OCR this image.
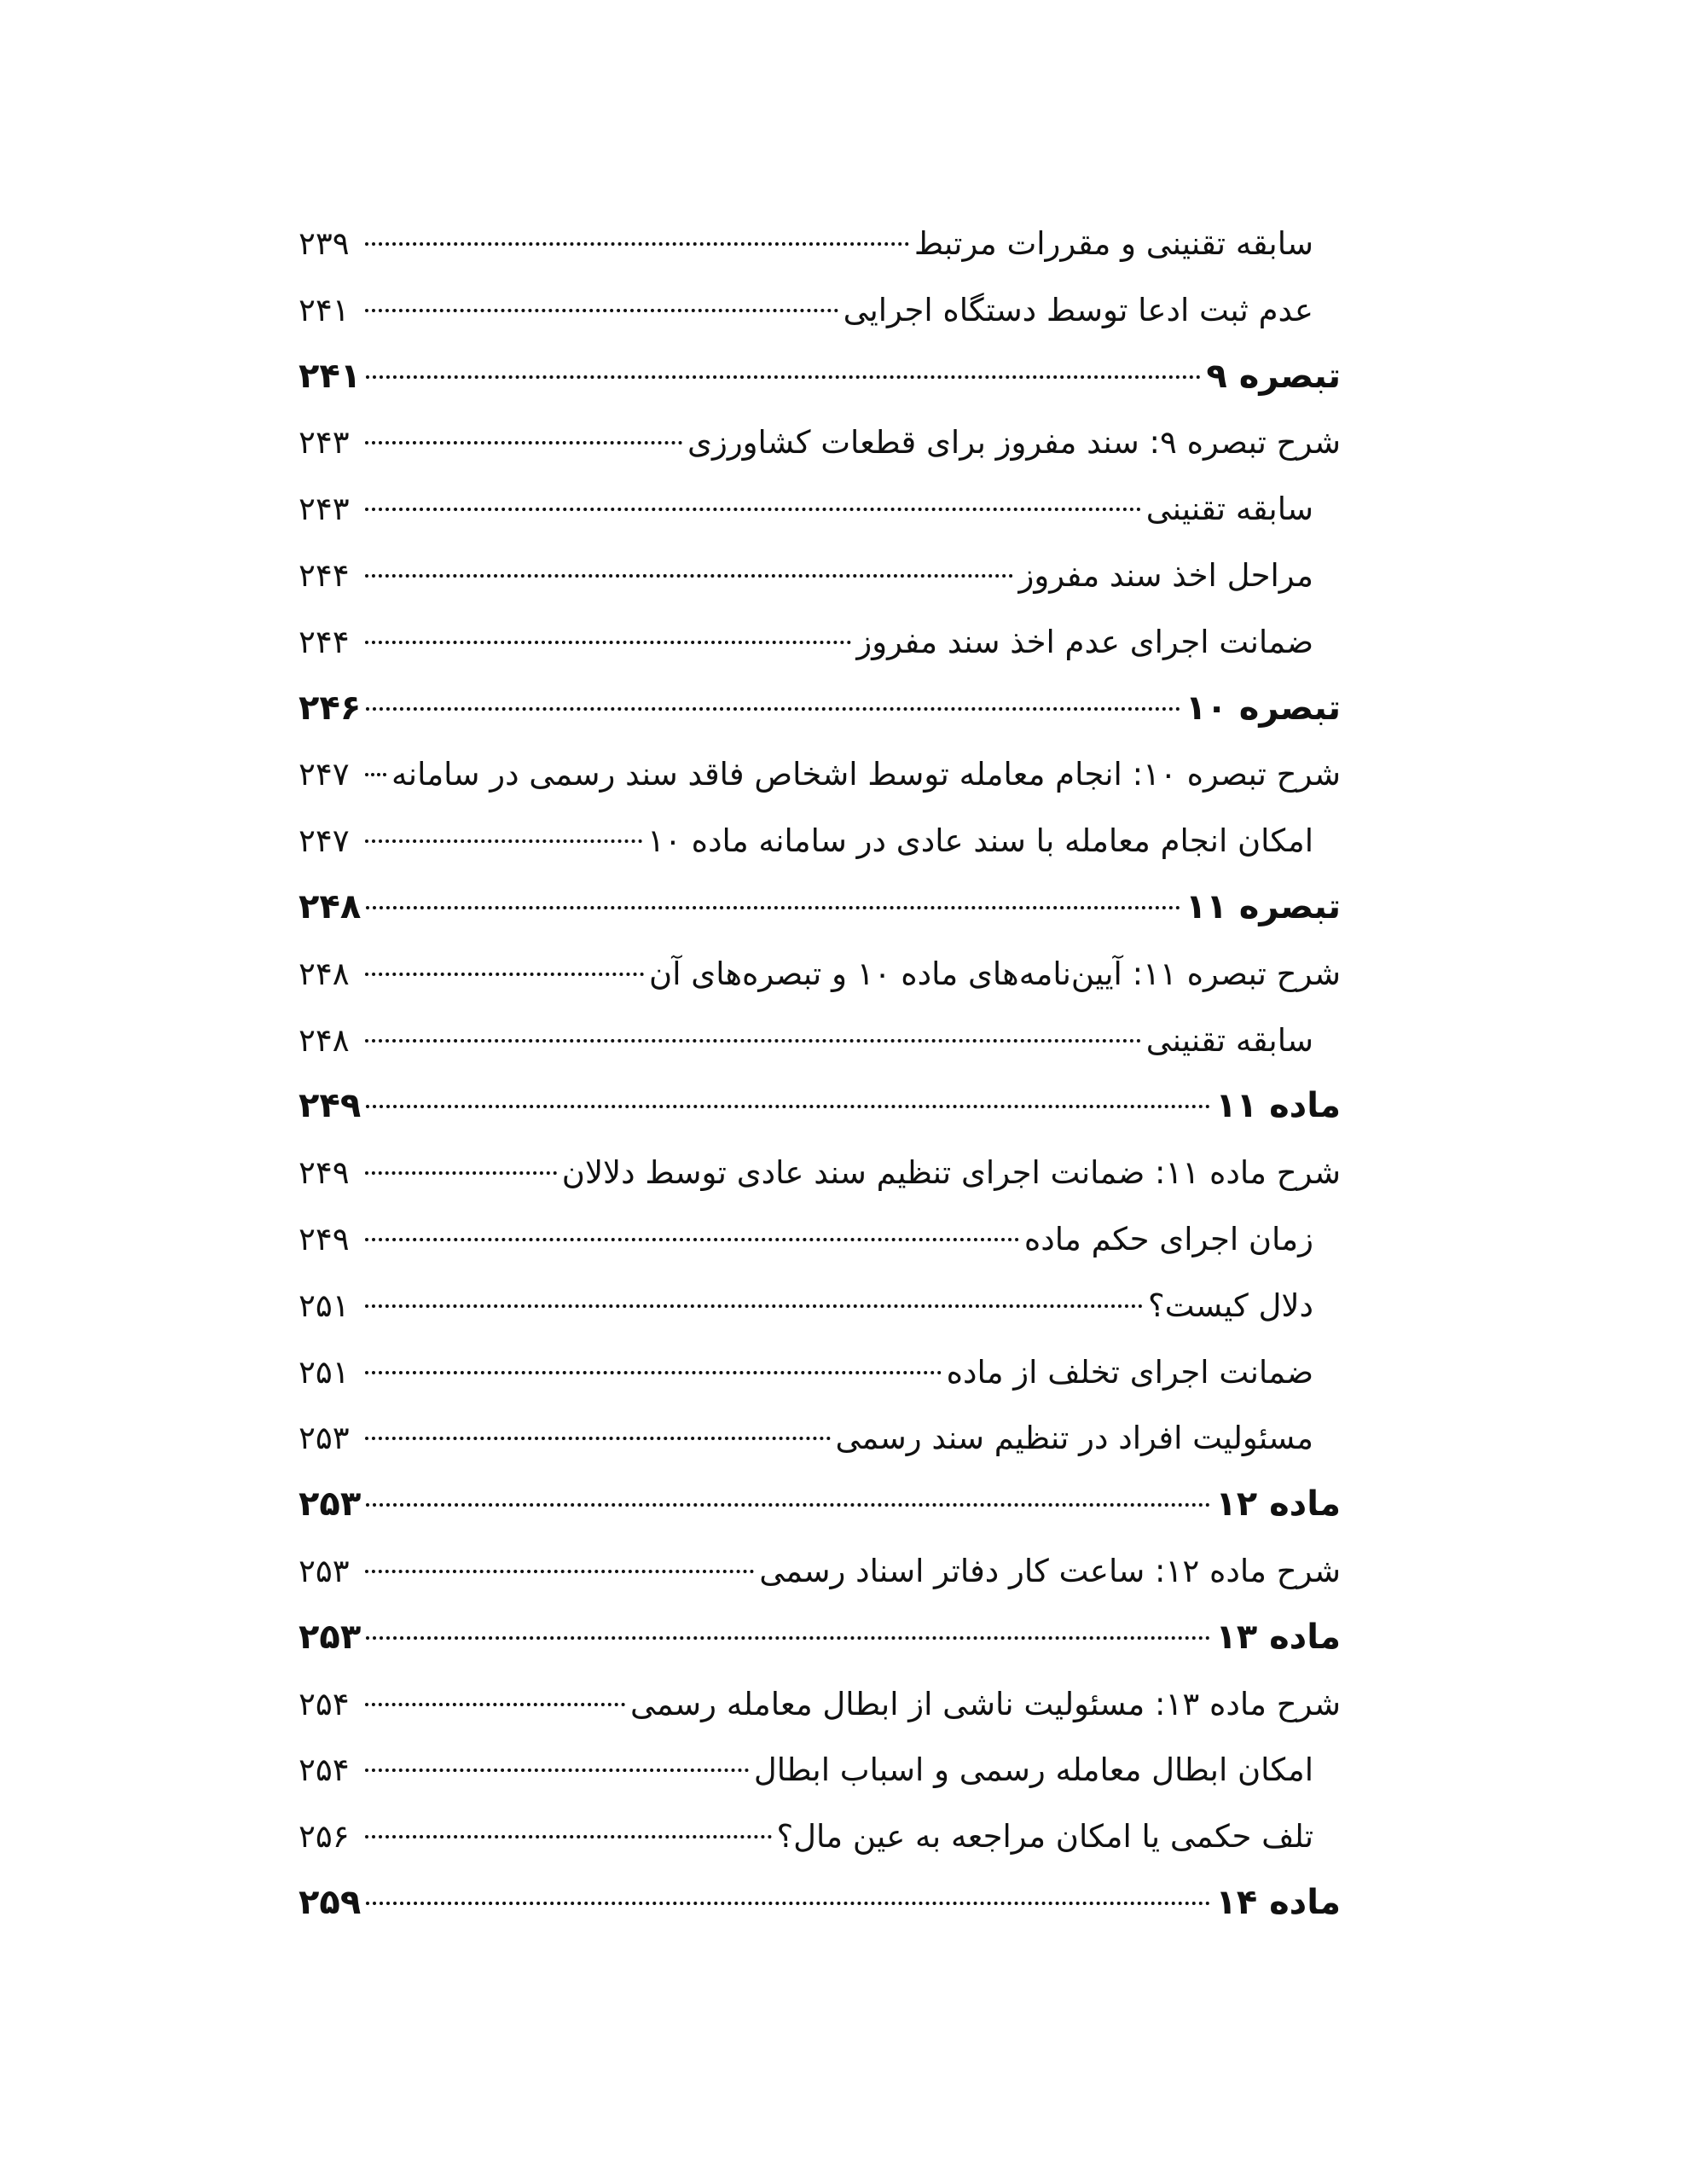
سابقه تقنینی و مقررات مرتبط
۲۳۹
عدم ثبت ادعا توسط دستگاه اجرایی
۲۴۱
تبصره ۹
۲۴۱
شرح تبصره ۹: سند مفروز برای قطعات کشاورزی
۲۴۳
سابقه تقنینی
۲۴۳
مراحل اخذ سند مفروز
۲۴۴
ضمانت اجرای عدم اخذ سند مفروز
۲۴۴
تبصره ۱۰
۲۴۶
شرح تبصره ۱۰: انجام معامله توسط اشخاص فاقد سند رسمی در سامانه
۲۴۷
امکان انجام معامله با سند عادی در سامانه ماده ۱۰
۲۴۷
تبصره ۱۱
۲۴۸
شرح تبصره ۱۱: آیین‌نامه‌های ماده ۱۰ و تبصره‌های آن
۲۴۸
سابقه تقنینی
۲۴۸
ماده ۱۱
۲۴۹
شرح ماده ۱۱: ضمانت اجرای تنظیم سند عادی توسط دلالان
۲۴۹
زمان اجرای حکم ماده
۲۴۹
دلال کیست؟
۲۵۱
ضمانت اجرای تخلف از ماده
۲۵۱
مسئولیت افراد در تنظیم سند رسمی
۲۵۳
ماده ۱۲
۲۵۳
شرح ماده ۱۲: ساعت کار دفاتر اسناد رسمی
۲۵۳
ماده ۱۳
۲۵۳
شرح ماده ۱۳: مسئولیت ناشی از ابطال معامله رسمی
۲۵۴
امکان ابطال معامله رسمی و اسباب ابطال
۲۵۴
تلف حکمی یا امکان مراجعه به عین مال؟
۲۵۶
ماده ۱۴
۲۵۹
